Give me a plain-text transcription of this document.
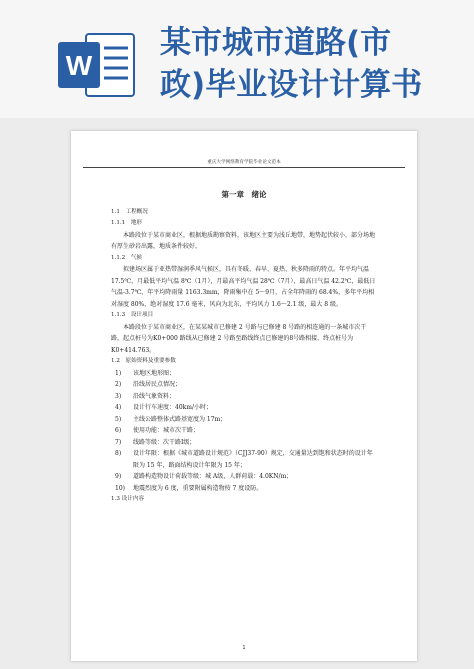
W
某市城市道路(市
政)毕业设计计算书
重庆大学网络教育学院毕业论文范本
第一章　绪论
1.1　工程概况
1.1.1　地形
本路段位于某市商业区，根据地质勘察资料，该地区主要为浅丘地带，地势起伏较小，部分场地有厚生砂岩出露，地质条件较好。
1.1.2　气候
拟建场区属于亚热带湿润季风气候区，具有冬暖、春早、夏热、秋多降雨的特点。年平均气温 17.5℃，月最低平均气温 8℃（1月），月最高平均气温 28℃（7月），最高日气温 42.2℃，最低日气温-3.7℃，年平均降雨量 1163.3mm，降雨集中在 5～9月，占全年降雨的 68.4%，多年平均相对湿度 80%，绝对湿度 17.6 毫米，风向为北东，平均风力 1.6～2.1 级，最大 8 级。
1.1.3　设计项目
本路段位于某市商业区，在某某城市已修建 2 号路与已修建 8 号路的相连通的一条城市次干路，起点桩号为K0+000 路线从已修建 2 号路至路线终点已修建的8号路相接，终点桩号为K0+414.763。
1.2　原始资料及重要参数
1)	该地区地形图；
2)	沿线居民点情况；
3)	沿线气象资料；
4)	设计行车速度：40km/小时；
5)	主线公路整体式路基宽度为 17m；
6)	使用功能：城市次干路；
7)	线路等级：次干路Ⅰ级；
8)	设计年限：根据《城市道路设计规范》（CJJ37-90）规定，交通量达到饱和状态时的设计年限为 15 年，路面结构设计年限为 15 年；
9)	道路构造物设计荷载等级：城 A级，人群荷载：4.0KN/m；
10)	地震烈度为 6 度，重要附属构造物按 7 度设防。
1.3 设计内容
1
